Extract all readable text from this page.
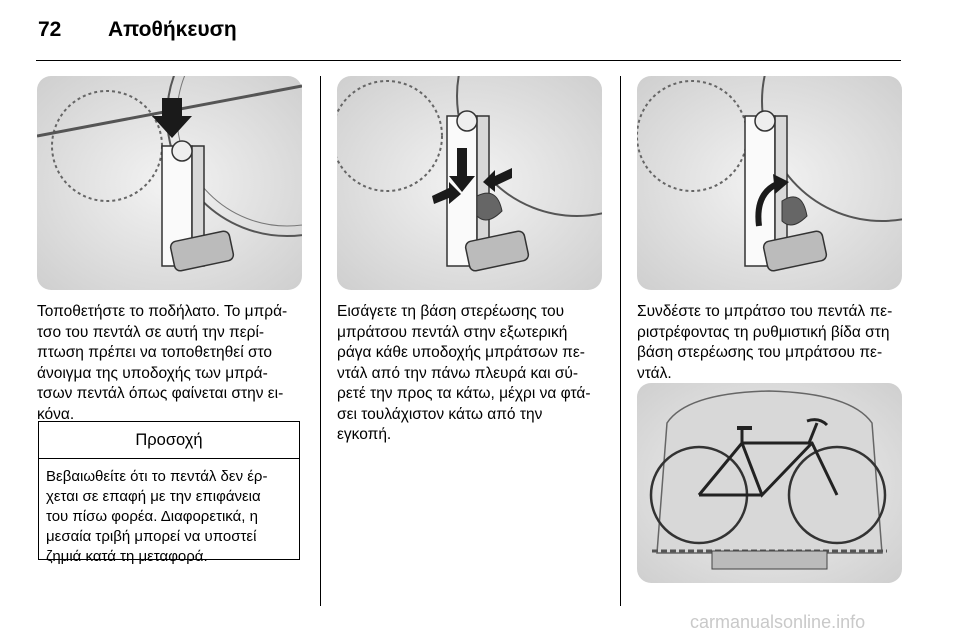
72 Αποθήκευση
Τοποθετήστε το ποδήλατο. Το μπρά-
τσο του πεντάλ σε αυτή την περί-
πτωση πρέπει να τοποθετηθεί στο
άνοιγμα της υποδοχής των μπρά-
τσων πεντάλ όπως φαίνεται στην ει-
κόνα.
Προσοχή
Βεβαιωθείτε ότι το πεντάλ δεν έρ-
χεται σε επαφή με την επιφάνεια
του πίσω φορέα. Διαφορετικά, η
μεσαία τριβή μπορεί να υποστεί
ζημιά κατά τη μεταφορά.
Εισάγετε τη βάση στερέωσης του
μπράτσου πεντάλ στην εξωτερική
ράγα κάθε υποδοχής μπράτσων πε-
ντάλ από την πάνω πλευρά και σύ-
ρετέ την προς τα κάτω, μέχρι να φτά-
σει τουλάχιστον κάτω από την
εγκοπή.
Συνδέστε το μπράτσο του πεντάλ πε-
ριστρέφοντας τη ρυθμιστική βίδα στη
βάση στερέωσης του μπράτσου πε-
ντάλ.
carmanualsonline.info
